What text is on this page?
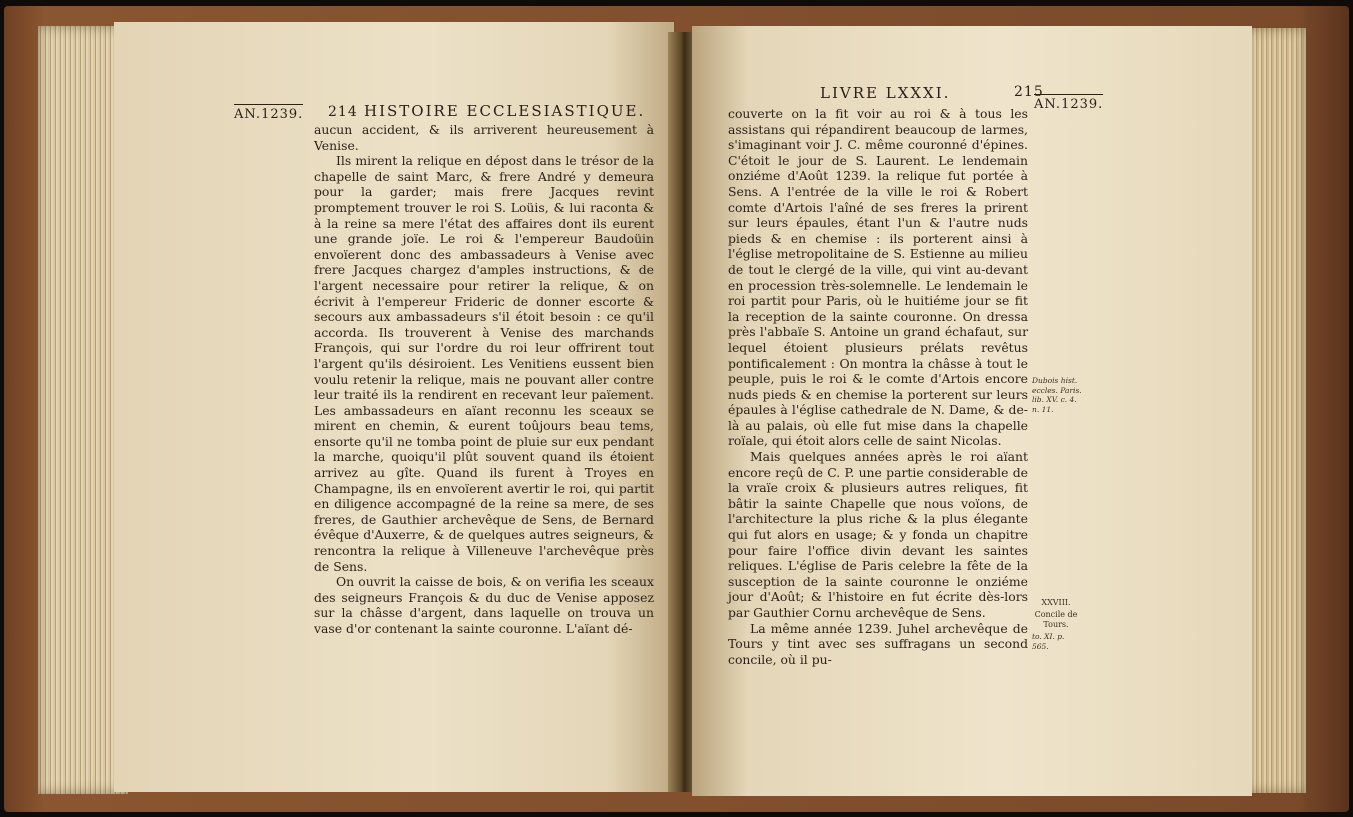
AN.1239. 214 HISTOIRE ECCLESIASTIQUE.

aucun accident, & ils arriverent heureusement à Venise.

Ils mirent la relique en dépost dans le trésor de la chapelle de saint Marc, & frere André y demeura pour la garder; mais frere Jacques revint promptement trouver le roi S. Loüis, & lui raconta & à la reine sa mere l'état des affaires dont ils eurent une grande joïe. Le roi & l'empereur Baudoüin envoïerent donc des ambassadeurs à Venise avec frere Jacques chargez d'amples instructions, & de l'argent necessaire pour retirer la relique, & on écrivit à l'empereur Frideric de donner escorte & secours aux ambassadeurs s'il étoit besoin : ce qu'il accorda. Ils trouverent à Venise des marchands François, qui sur l'ordre du roi leur offrirent tout l'argent qu'ils désiroient. Les Venitiens eussent bien voulu retenir la relique, mais ne pouvant aller contre leur traité ils la rendirent en recevant leur païement. Les ambassadeurs en aïant reconnu les sceaux se mirent en chemin, & eurent toûjours beau tems, ensorte qu'il ne tomba point de pluie sur eux pendant la marche, quoiqu'il plût souvent quand ils étoient arrivez au gîte. Quand ils furent à Troyes en Champagne, ils en envoïerent avertir le roi, qui partit en diligence accompagné de la reine sa mere, de ses freres, de Gauthier archevêque de Sens, de Bernard évêque d'Auxerre, & de quelques autres seigneurs, & rencontra la relique à Villeneuve l'archevêque près de Sens.

On ouvrit la caisse de bois, & on verifia les sceaux des seigneurs François & du duc de Venise apposez sur la châsse d'argent, dans laquelle on trouva un vase d'or contenant la sainte couronne. L'aïant dé-

LIVRE LXXXI.	215
AN.1239.

couverte on la fit voir au roi & à tous les assistans qui répandirent beaucoup de larmes, s'imaginant voir J. C. même couronné d'épines. C'étoit le jour de S. Laurent. Le lendemain onziéme d'Août 1239. la relique fut portée à Sens. A l'entrée de la ville le roi & Robert comte d'Artois l'aîné de ses freres la prirent sur leurs épaules, étant l'un & l'autre nuds pieds & en chemise : ils porterent ainsi à l'église metropolitaine de S. Estienne au milieu de tout le clergé de la ville, qui vint au-devant en procession très-solemnelle. Le lendemain le roi partit pour Paris, où le huitiéme jour se fit la reception de la sainte couronne. On dressa près l'abbaïe S. Antoine un grand échafaut, sur lequel étoient plusieurs prélats revêtus pontificalement : On montra la châsse à tout le peuple, puis le roi & le comte d'Artois encore nuds pieds & en chemise la porterent sur leurs épaules à l'église cathedrale de N. Dame, & de-là au palais, où elle fut mise dans la chapelle roïale, qui étoit alors celle de saint Nicolas.

Mais quelques années après le roi aïant encore reçû de C. P. une partie considerable de la vraïe croix & plusieurs autres reliques, fit bâtir la sainte Chapelle que nous voïons, de l'architecture la plus riche & la plus élegante qui fut alors en usage; & y fonda un chapitre pour faire l'office divin devant les saintes reliques. L'église de Paris celebre la fête de la susception de la sainte couronne le onziéme jour d'Août; & l'histoire en fut écrite dès-lors par Gauthier Cornu archevêque de Sens.

La même année 1239. Juhel archevêque de Tours y tint avec ses suffragans un second concile, où il pu-

Dubois hist. eccles. Paris. lib. XV. c. 4. n. 11.
XXVIII.
Concile de Tours.
to. XI. p. 565.
